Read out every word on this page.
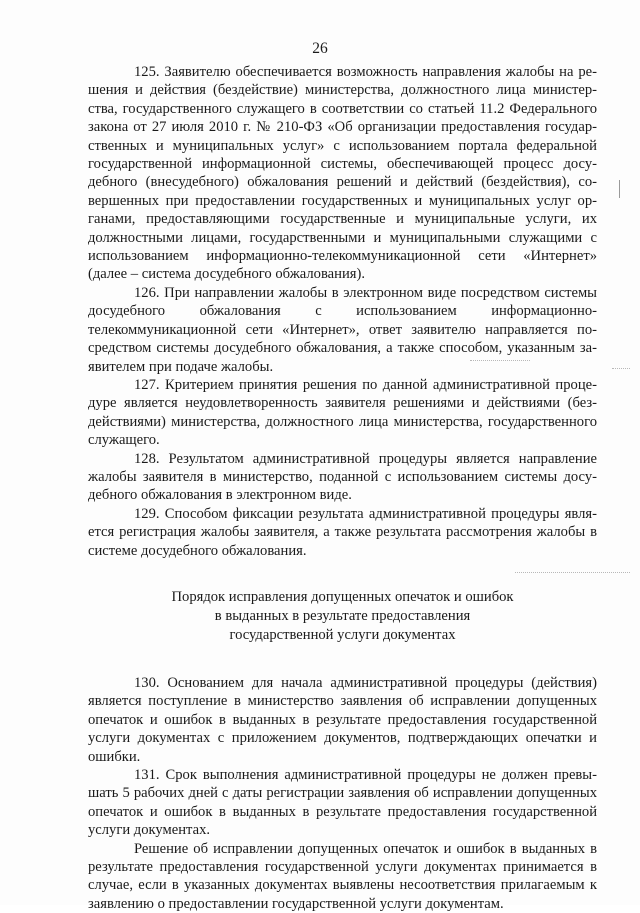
26

125. Заявителю обеспечивается возможность направления жалобы на решения и действия (бездействие) министерства, должностного лица министерства, государственного служащего в соответствии со статьей 11.2 Федерального закона от 27 июля 2010 г. № 210-ФЗ «Об организации предоставления государственных и муниципальных услуг» с использованием портала федеральной государственной информационной системы, обеспечивающей процесс досудебного (внесудебного) обжалования решений и действий (бездействия), совершенных при предоставлении государственных и муниципальных услуг органами, предоставляющими государственные и муниципальные услуги, их должностными лицами, государственными и муниципальными служащими с использованием информационно-телекоммуникационной сети «Интернет» (далее – система досудебного обжалования).

126. При направлении жалобы в электронном виде посредством системы досудебного обжалования с использованием информационно-телекоммуникационной сети «Интернет», ответ заявителю направляется посредством системы досудебного обжалования, а также способом, указанным заявителем при подаче жалобы.

127. Критерием принятия решения по данной административной процедуре является неудовлетворенность заявителя решениями и действиями (бездействиями) министерства, должностного лица министерства, государственного служащего.

128. Результатом административной процедуры является направление жалобы заявителя в министерство, поданной с использованием системы досудебного обжалования в электронном виде.

129. Способом фиксации результата административной процедуры является регистрация жалобы заявителя, а также результата рассмотрения жалобы в системе досудебного обжалования.

Порядок исправления допущенных опечаток и ошибок
в выданных в результате предоставления
государственной услуги документах

130. Основанием для начала административной процедуры (действия) является поступление в министерство заявления об исправлении допущенных опечаток и ошибок в выданных в результате предоставления государственной услуги документах с приложением документов, подтверждающих опечатки и ошибки.

131. Срок выполнения административной процедуры не должен превышать 5 рабочих дней с даты регистрации заявления об исправлении допущенных опечаток и ошибок в выданных в результате предоставления государственной услуги документах.

Решение об исправлении допущенных опечаток и ошибок в выданных в результате предоставления государственной услуги документах принимается в случае, если в указанных документах выявлены несоответствия прилагаемым к заявлению о предоставлении государственной услуги документам.
